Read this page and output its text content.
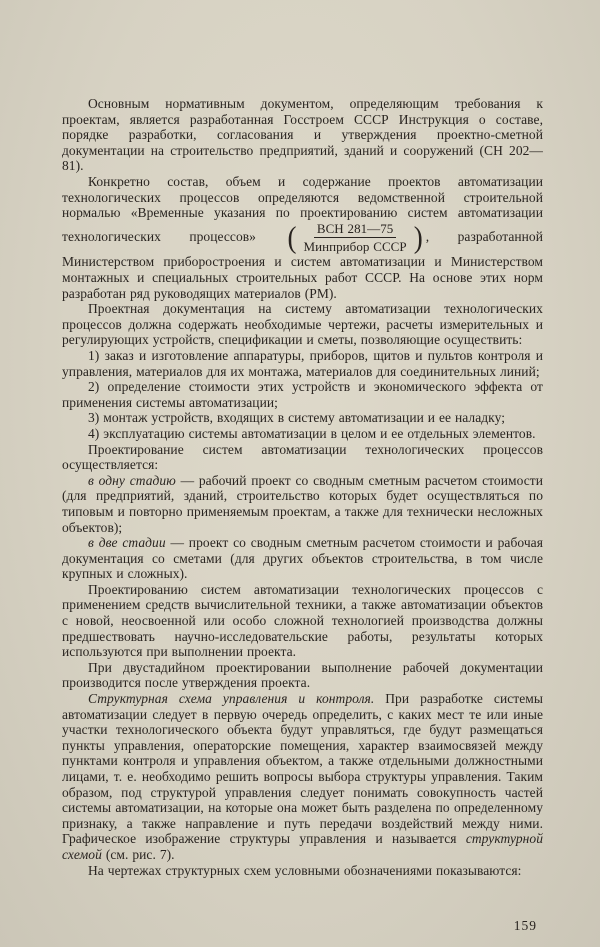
Основным нормативным документом, определяющим требования к проектам, является разработанная Госстроем СССР Инструкция о составе, порядке разработки, согласования и утверждения проектно-сметной документации на строительство предприятий, зданий и сооружений (СН 202—81).

Конкретно состав, объем и содержание проектов автоматизации технологических процессов определяются ведомственной строительной нормалью «Временные указания по проектированию систем автоматизации технологических процессов» ( $\frac{\text{ВСН 281—75}}{\text{Минприбор СССР}}$ ) , разработанной Министерством приборостроения и систем автоматизации и Министерством монтажных и специальных строительных работ СССР. На основе этих норм разработан ряд руководящих материалов (РМ).

Проектная документация на систему автоматизации технологических процессов должна содержать необходимые чертежи, расчеты измерительных и регулирующих устройств, спецификации и сметы, позволяющие осуществить:

1) заказ и изготовление аппаратуры, приборов, щитов и пультов контроля и управления, материалов для их монтажа, материалов для соединительных линий;

2) определение стоимости этих устройств и экономического эффекта от применения системы автоматизации;

3) монтаж устройств, входящих в систему автоматизации и ее наладку;

4) эксплуатацию системы автоматизации в целом и ее отдельных элементов.

Проектирование систем автоматизации технологических процессов осуществляется:

в одну стадию — рабочий проект со сводным сметным расчетом стоимости (для предприятий, зданий, строительство которых будет осуществляться по типовым и повторно применяемым проектам, а также для технически несложных объектов);

в две стадии — проект со сводным сметным расчетом стоимости и рабочая документация со сметами (для других объектов строительства, в том числе крупных и сложных).

Проектированию систем автоматизации технологических процессов с применением средств вычислительной техники, а также автоматизации объектов с новой, неосвоенной или особо сложной технологией производства должны предшествовать научно-исследовательские работы, результаты которых используются при выполнении проекта.

При двустадийном проектировании выполнение рабочей документации производится после утверждения проекта.

Структурная схема управления и контроля. При разработке системы автоматизации следует в первую очередь определить, с каких мест те или иные участки технологического объекта будут управляться, где будут размещаться пункты управления, операторские помещения, характер взаимосвязей между пунктами контроля и управления объектом, а также отдельными должностными лицами, т. е. необходимо решить вопросы выбора структуры управления. Таким образом, под структурой управления следует понимать совокупность частей системы автоматизации, на которые она может быть разделена по определенному признаку, а также направление и путь передачи воздействий между ними. Графическое изображение структуры управления и называется структурной схемой (см. рис. 7).

На чертежах структурных схем условными обозначениями показываются:

159
